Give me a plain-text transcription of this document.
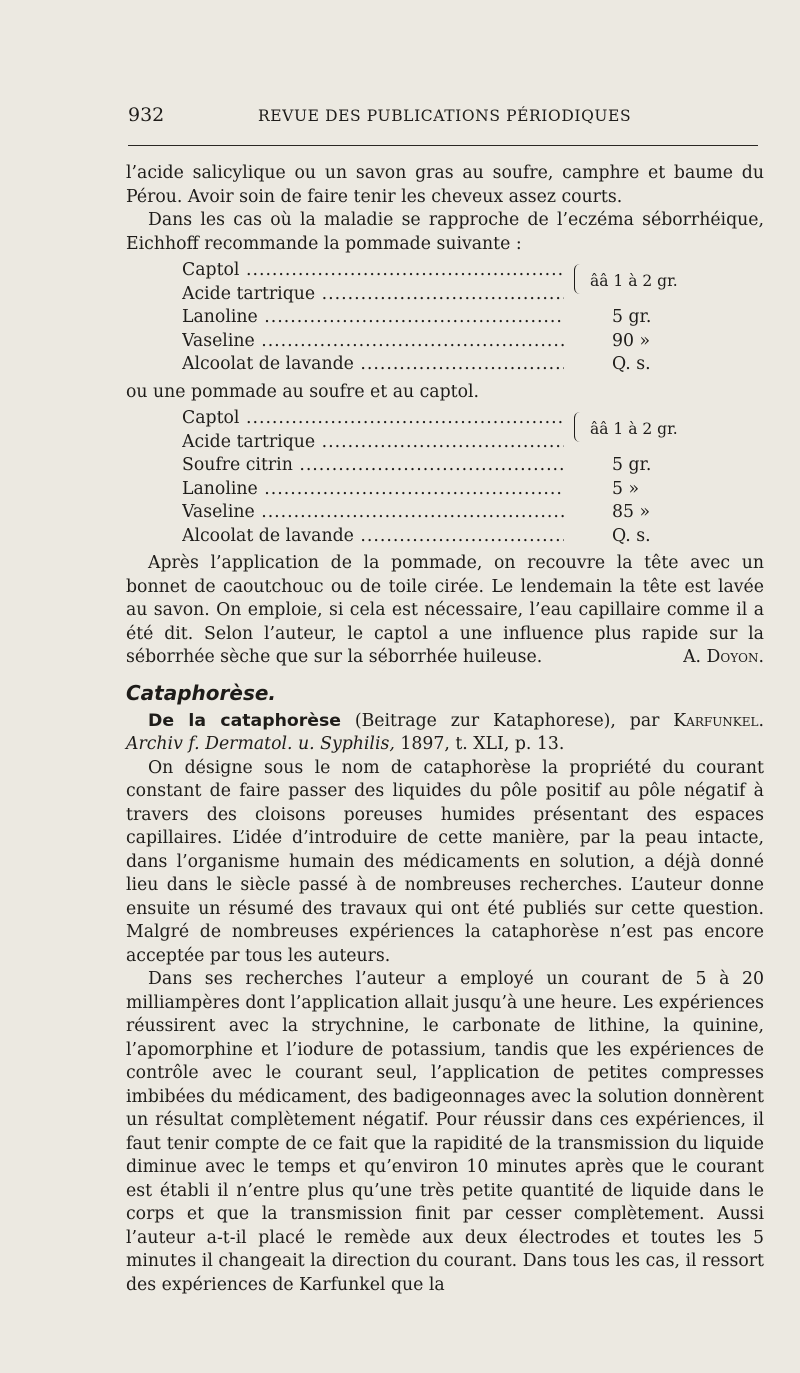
932	REVUE DES PUBLICATIONS PÉRIODIQUES

l’acide salicylique ou un savon gras au soufre, camphre et baume du Pérou. Avoir soin de faire tenir les cheveux assez courts.

Dans les cas où la maladie se rapproche de l’eczéma séborrhéique, Eichhoff recommande la pommade suivante :

ââ 1 à 2 gr.
Captol .....
Acide tartrique .....
Lanoline .....	5 gr.
Vaseline .....	90 »
Alcoolat de lavande .....	Q. s.

ou une pommade au soufre et au captol.

ââ 1 à 2 gr.
Captol .....
Acide tartrique .....
Soufre citrin .....	5 gr.
Lanoline .....	5 »
Vaseline .....	85 »
Alcoolat de lavande .....	Q. s.

Après l’application de la pommade, on recouvre la tête avec un bonnet de caoutchouc ou de toile cirée. Le lendemain la tête est lavée au savon. On emploie, si cela est nécessaire, l’eau capillaire comme il a été dit. Selon l’auteur, le captol a une influence plus rapide sur la séborrhée sèche que sur la séborrhée huileuse.	A. Doyon.

Cataphorèse.

De la cataphorèse (Beitrage zur Kataphorese), par Karfunkel. Archiv f. Dermatol. u. Syphilis, 1897, t. XLI, p. 13.

On désigne sous le nom de cataphorèse la propriété du courant constant de faire passer des liquides du pôle positif au pôle négatif à travers des cloisons poreuses humides présentant des espaces capillaires. L’idée d’introduire de cette manière, par la peau intacte, dans l’organisme humain des médicaments en solution, a déjà donné lieu dans le siècle passé à de nombreuses recherches. L’auteur donne ensuite un résumé des travaux qui ont été publiés sur cette question. Malgré de nombreuses expériences la cataphorèse n’est pas encore acceptée par tous les auteurs.

Dans ses recherches l’auteur a employé un courant de 5 à 20 milliampères dont l’application allait jusqu’à une heure. Les expériences réussirent avec la strychnine, le carbonate de lithine, la quinine, l’apomorphine et l’iodure de potassium, tandis que les expériences de contrôle avec le courant seul, l’application de petites compresses imbibées du médicament, des badigeonnages avec la solution donnèrent un résultat complètement négatif. Pour réussir dans ces expériences, il faut tenir compte de ce fait que la rapidité de la transmission du liquide diminue avec le temps et qu’environ 10 minutes après que le courant est établi il n’entre plus qu’une très petite quantité de liquide dans le corps et que la transmission finit par cesser complètement. Aussi l’auteur a-t-il placé le remède aux deux électrodes et toutes les 5 minutes il changeait la direction du courant. Dans tous les cas, il ressort des expériences de Karfunkel que la
